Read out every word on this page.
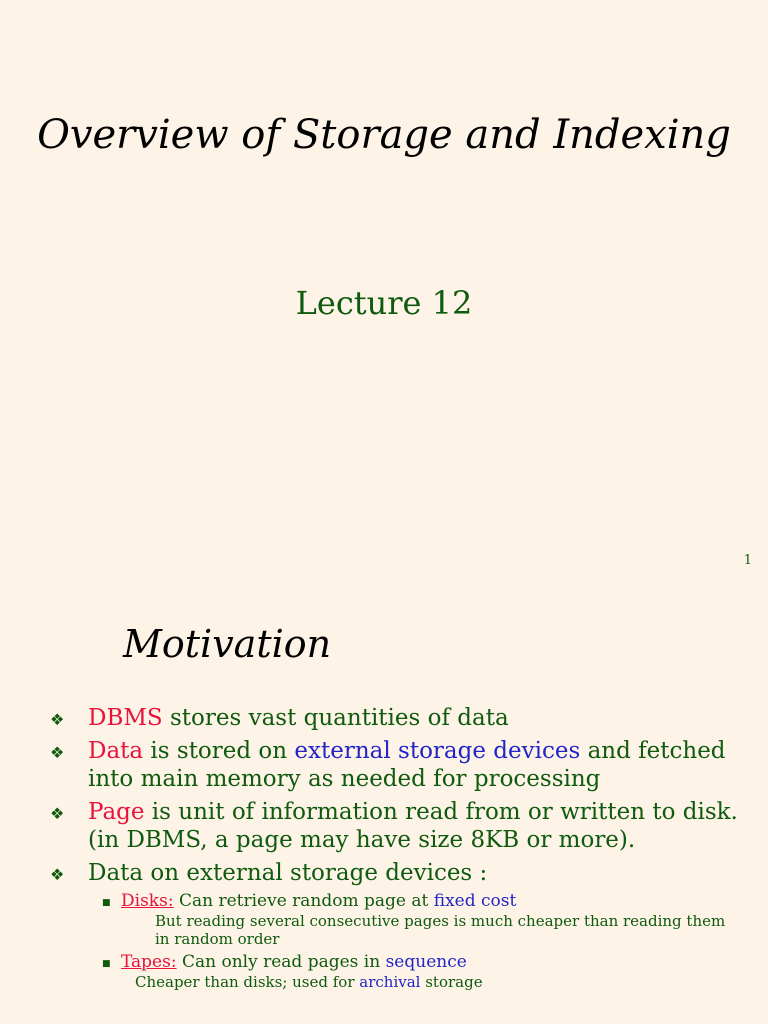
Overview of Storage and Indexing
Lecture 12
1
Motivation
❖ DBMS stores vast quantities of data
❖ Data is stored on external storage devices and fetched into main memory as needed for processing
❖ Page is unit of information read from or written to disk. (in DBMS, a page may have size 8KB or more).
❖ Data on external storage devices :
■ Disks: Can retrieve random page at fixed cost
But reading several consecutive pages is much cheaper than reading them in random order
■ Tapes: Can only read pages in sequence
Cheaper than disks; used for archival storage
